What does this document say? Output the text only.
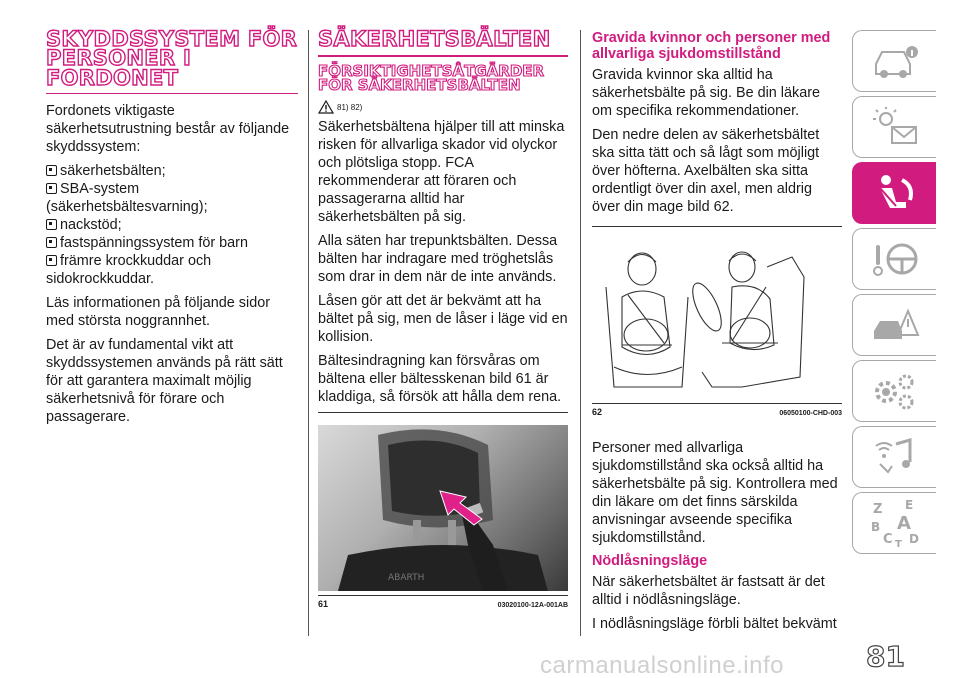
SKYDDSSYSTEM FÖR PERSONER I FORDONET

Fordonets viktigaste säkerhetsutrustning består av följande skyddssystem:

säkerhetsbälten;
SBA-system
(säkerhetsbältesvarning);
nackstöd;
fastspänningssystem för barn
främre krockkuddar och
sidokrockkuddar.

Läs informationen på följande sidor med största noggrannhet.

Det är av fundamental vikt att skyddssystemen används på rätt sätt för att garantera maximalt möjlig säkerhetsnivå för förare och passagerare.

SÄKERHETSBÄLTEN
FÖRSIKTIGHETSÅTGÄRDER FÖR SÄKERHETSBÄLTEN
81) 82)

Säkerhetsbältena hjälper till att minska risken för allvarliga skador vid olyckor och plötsliga stopp. FCA rekommenderar att föraren och passagerarna alltid har säkerhetsbälten på sig.

Alla säten har trepunktsbälten. Dessa bälten har indragare med tröghetslås som drar in dem när de inte används.

Låsen gör att det är bekvämt att ha bältet på sig, men de låser i läge vid en kollision.

Bältesindragning kan försvåras om bältena eller bältesskenan bild 61 är kladdiga, så försök att hålla dem rena.

ABARTH
61	03020100-12A-001AB
Gravida kvinnor och personer med allvarliga sjukdomstillstånd

Gravida kvinnor ska alltid ha säkerhetsbälte på sig. Be din läkare om specifika rekommendationer.

Den nedre delen av säkerhetsbältet ska sitta tätt och så lågt som möjligt över höfterna. Axelbälten ska sitta ordentligt över din axel, men aldrig över din mage bild 62.

62	06050100-CHD-003

Personer med allvarliga sjukdomstillstånd ska också alltid ha säkerhetsbälte på sig. Kontrollera med din läkare om det finns särskilda anvisningar avseende specifika sjukdomstillstånd.

Nödlåsningsläge

När säkerhetsbältet är fastsatt är det alltid i nödlåsningsläge.

I nödlåsningsläge förbli bältet bekvämt

Z E
B A
C D
T
81
carmanualsonline.info
